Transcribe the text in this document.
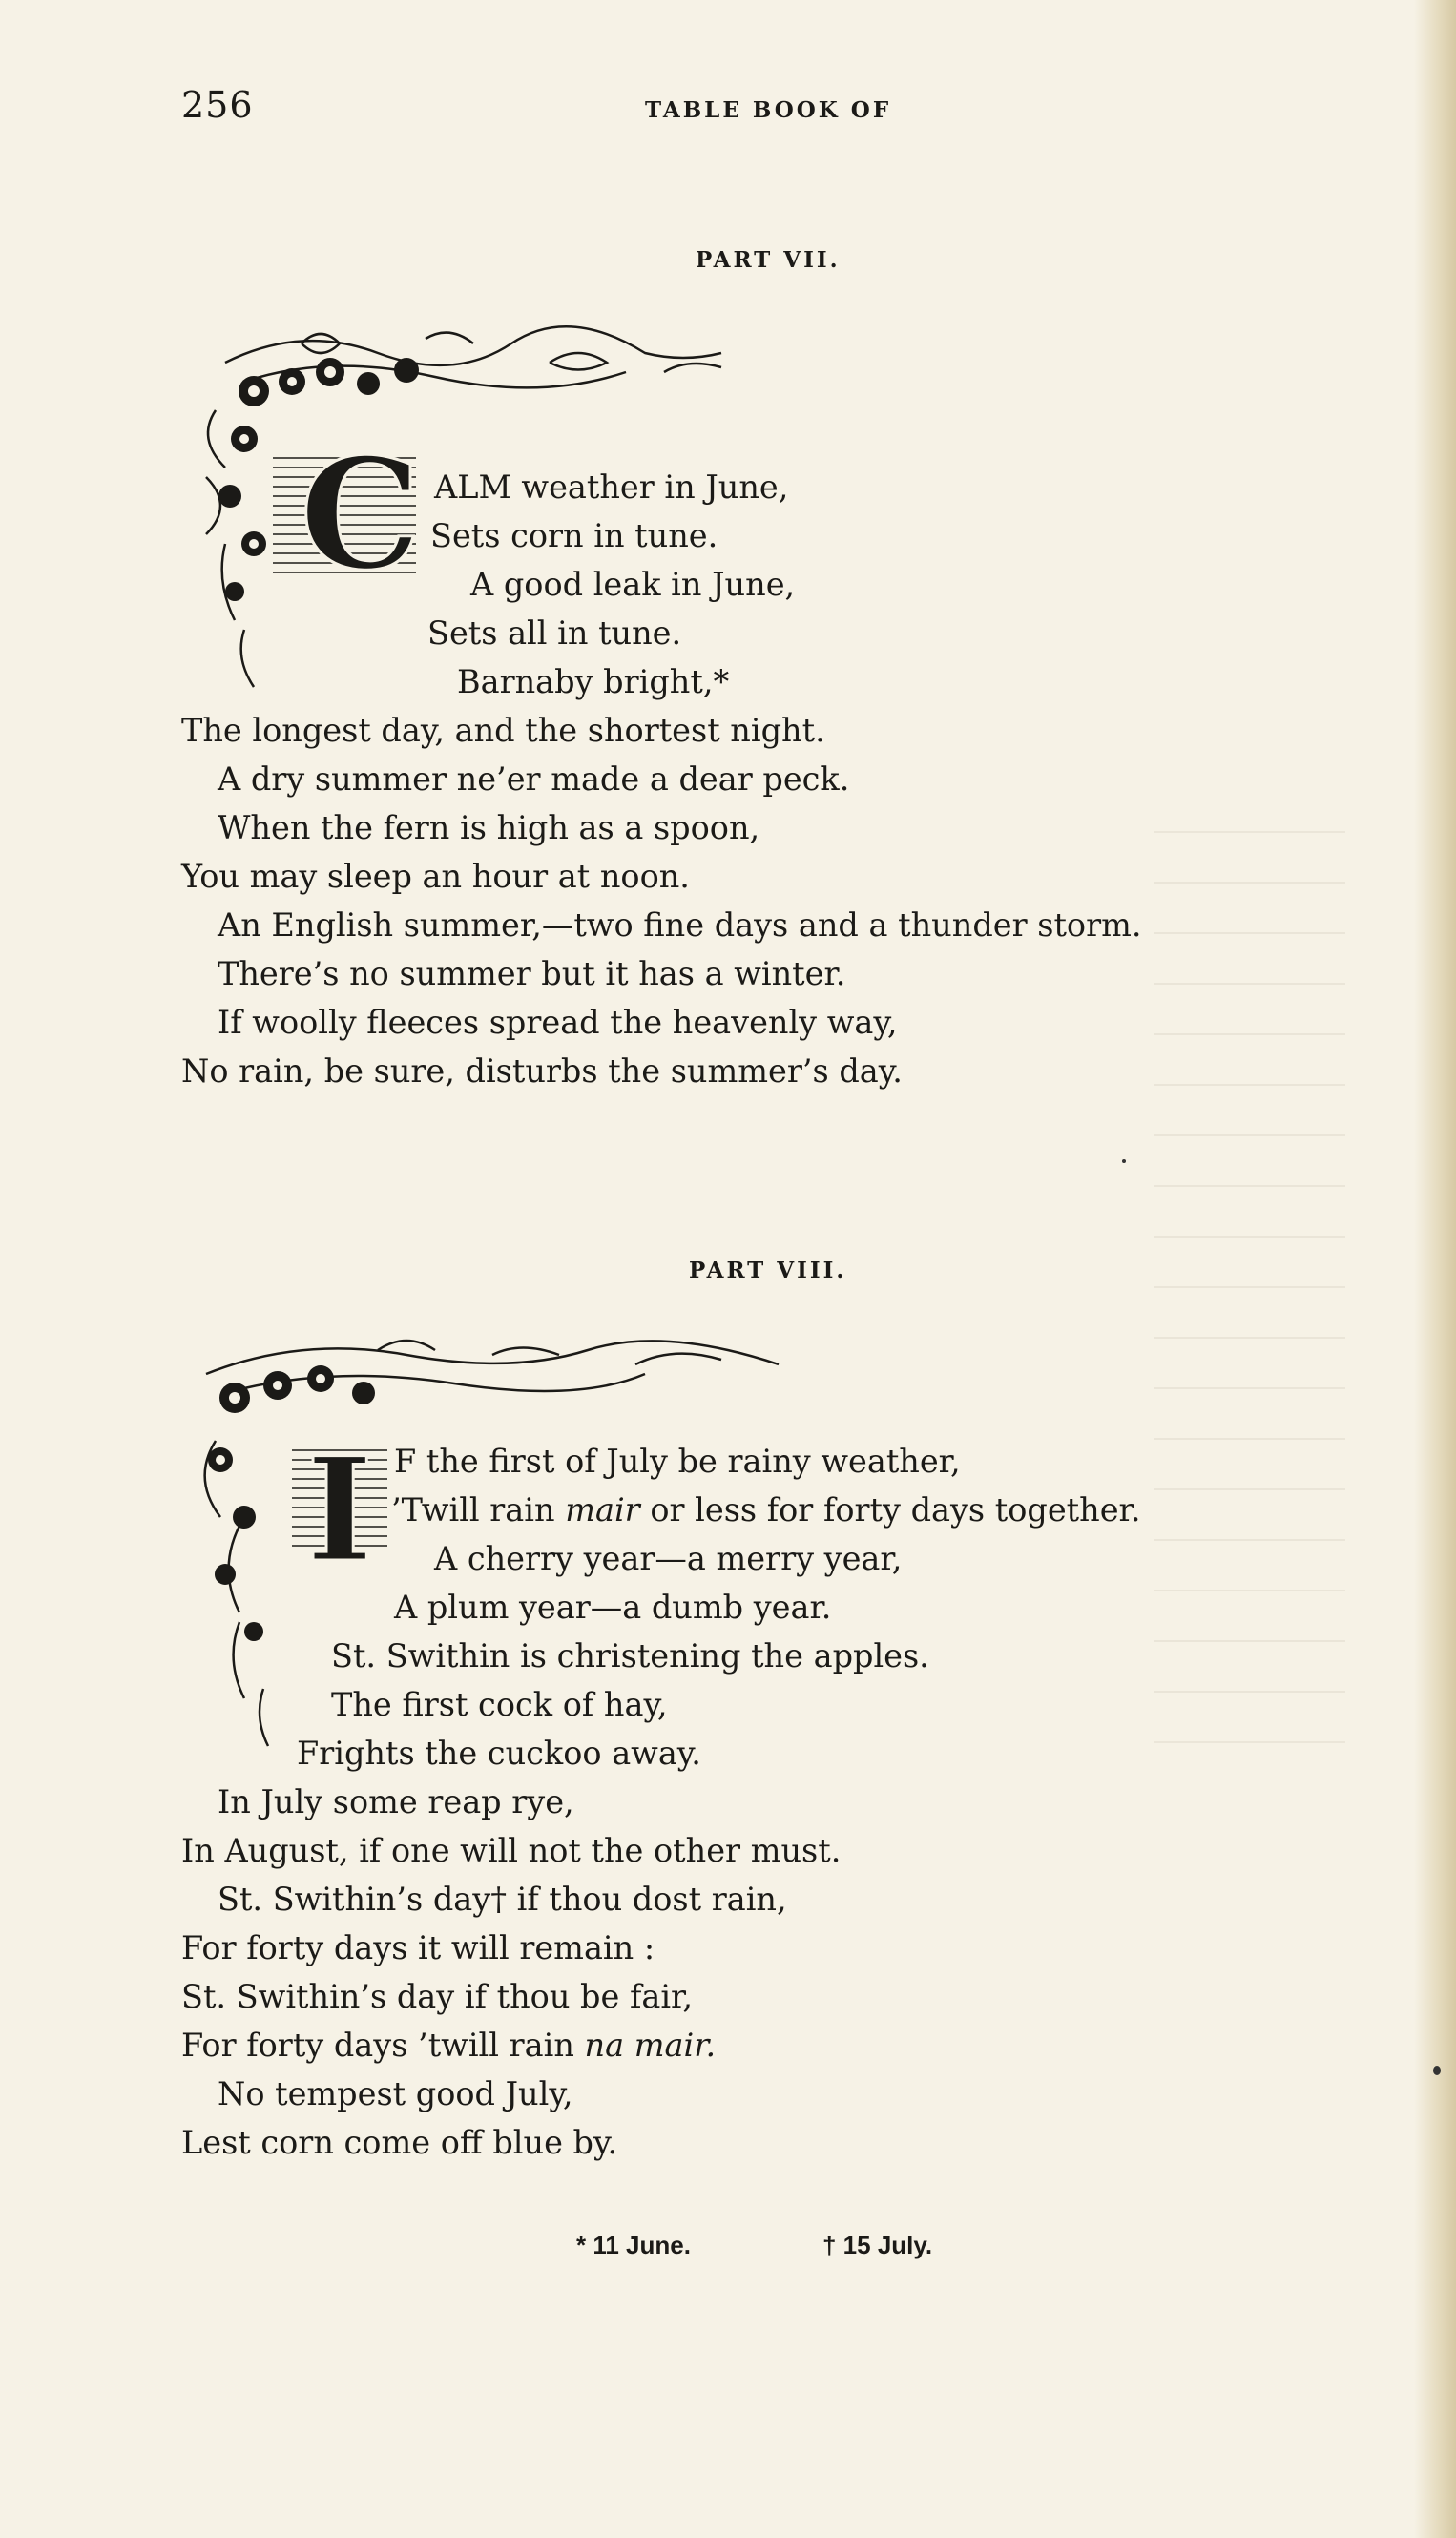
256	TABLE BOOK OF
PART VII.
C ALM weather in June,
Sets corn in tune.
A good leak in June,
Sets all in tune.
Barnaby bright,*
The longest day, and the shortest night.
A dry summer ne’er made a dear peck.
When the fern is high as a spoon,
You may sleep an hour at noon.
An English summer,—two fine days and a thunder storm.
There’s no summer but it has a winter.
If woolly fleeces spread the heavenly way,
No rain, be sure, disturbs the summer’s day.
PART VIII.
I F the first of July be rainy weather,
’Twill rain mair or less for forty days together.
A cherry year—a merry year,
A plum year—a dumb year.
St. Swithin is christening the apples.
The first cock of hay,
Frights the cuckoo away.
In July some reap rye,
In August, if one will not the other must.
St. Swithin’s day† if thou dost rain,
For forty days it will remain :
St. Swithin’s day if thou be fair,
For forty days ’twill rain na mair.
No tempest good July,
Lest corn come off blue by.
* 11 June.	† 15 July.
